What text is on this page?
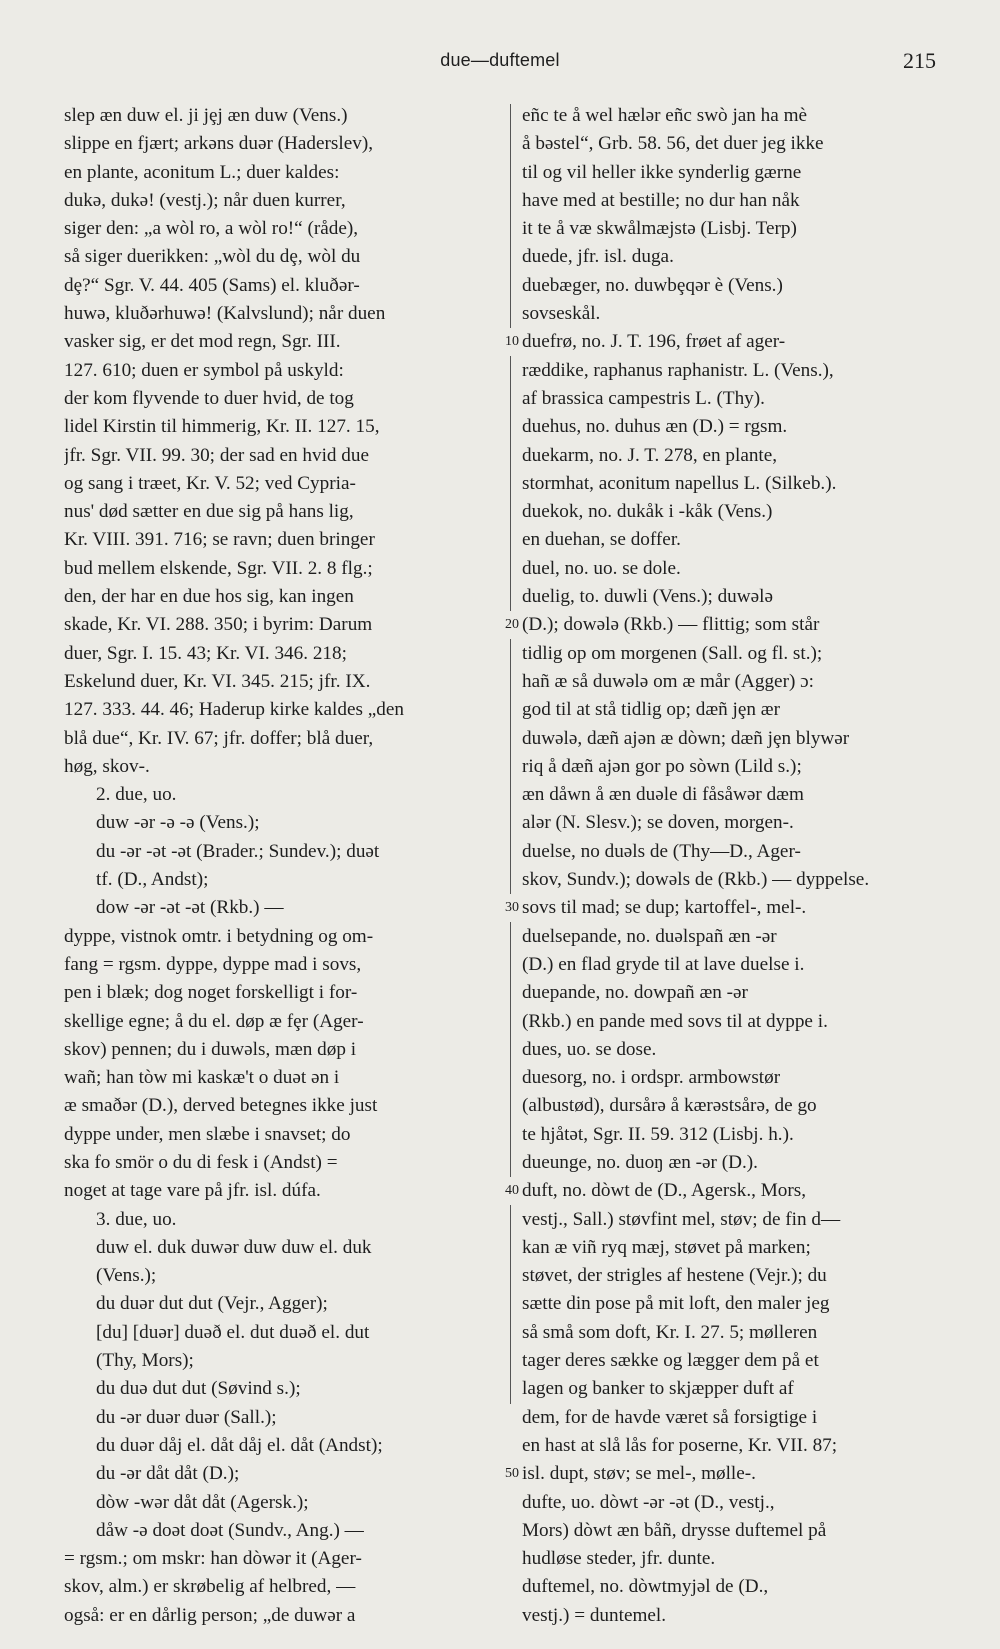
due—duftemel	215
slep æn duw el. ji jȩj æn duw (Vens.)
slippe en fjært; arkəns duər (Haderslev),
en plante, aconitum L.; duer kaldes:
dukə, dukə! (vestj.); når duen kurrer,
siger den: „a wòl ro, a wòl ro!“ (råde),
så siger duerikken: „wòl du dȩ, wòl du
dȩ?“ Sgr. V. 44. 405 (Sams) el. kluðər-
huwə, kluðərhuwə! (Kalvslund); når duen
vasker sig, er det mod regn, Sgr. III.
127. 610; duen er symbol på uskyld:
der kom flyvende to duer hvid, de tog
lidel Kirstin til himmerig, Kr. II. 127. 15,
jfr. Sgr. VII. 99. 30; der sad en hvid due
og sang i træet, Kr. V. 52; ved Cypria-
nus' død sætter en due sig på hans lig,
Kr. VIII. 391. 716; se ravn; duen bringer
bud mellem elskende, Sgr. VII. 2. 8 flg.;
den, der har en due hos sig, kan ingen
skade, Kr. VI. 288. 350; i byrim: Darum
duer, Sgr. I. 15. 43; Kr. VI. 346. 218;
Eskelund duer, Kr. VI. 345. 215; jfr. IX.
127. 333. 44. 46; Haderup kirke kaldes „den
blå due“, Kr. IV. 67; jfr. doffer; blå duer,
høg, skov-.
2. due, uo.
duw -ər -ə -ə (Vens.);
du -ər -ət -ət (Brader.; Sundev.); duət
tf. (D., Andst);
dow -ər -ət -ət (Rkb.) —
dyppe, vistnok omtr. i betydning og om-
fang = rgsm. dyppe, dyppe mad i sovs,
pen i blæk; dog noget forskelligt i for-
skellige egne; å du el. døp æ fȩr (Ager-
skov) pennen; du i duwəls, mæn døp i
wañ; han tòw mi kaskæ't o duət ən i
æ smaðər (D.), derved betegnes ikke just
dyppe under, men slæbe i snavset; do
ska fo smör o du di fesk i (Andst) =
noget at tage vare på jfr. isl. dúfa.
3. due, uo.
duw el. duk duwər duw duw el. duk
(Vens.);
du duər dut dut (Vejr., Agger);
[du] [duər] duəð el. dut duəð el. dut
(Thy, Mors);
du duə dut dut (Søvind s.);
du -ər duər duər (Sall.);
du duər dåj el. dåt dåj el. dåt (Andst);
du -ər dåt dåt (D.);
dòw -wər dåt dåt (Agersk.);
dåw -ə doət doət (Sundv., Ang.) —
= rgsm.; om mskr: han dòwər it (Ager-
skov, alm.) er skrøbelig af helbred, —
også: er en dårlig person; „de duwər a
10
20
30
40
50
eñc te å wel hælər eñc swò jan ha mè
å bəstel“, Grb. 58. 56, det duer jeg ikke
til og vil heller ikke synderlig gærne
have med at bestille; no dur han nåk
it te å væ skwålmæjstə (Lisbj. Terp)
duede, jfr. isl. duga.
duebæger, no. duwbȩqər è (Vens.)
sovseskål.
duefrø, no. J. T. 196, frøet af ager-
ræddike, raphanus raphanistr. L. (Vens.),
af brassica campestris L. (Thy).
duehus, no. duhus æn (D.) = rgsm.
duekarm, no. J. T. 278, en plante,
stormhat, aconitum napellus L. (Silkeb.).
duekok, no. dukåk i -kåk (Vens.)
en duehan, se doffer.
duel, no. uo. se dole.
duelig, to. duwli (Vens.); duwələ
(D.); dowələ (Rkb.) — flittig; som står
tidlig op om morgenen (Sall. og fl. st.);
hañ æ så duwələ om æ mår (Agger) ɔ:
god til at stå tidlig op; dæñ jȩn ær
duwələ, dæñ ajən æ dòwn; dæñ jȩn blywər
riq å dæñ ajən gor po sòwn (Lild s.);
æn dåwn å æn duəle di fåsåwər dæm
alər (N. Slesv.); se doven, morgen-.
duelse, no duəls de (Thy—D., Ager-
skov, Sundv.); dowəls de (Rkb.) — dyppelse.
sovs til mad; se dup; kartoffel-, mel-.
duelsepande, no. duəlspañ æn -ər
(D.) en flad gryde til at lave duelse i.
duepande, no. dowpañ æn -ər
(Rkb.) en pande med sovs til at dyppe i.
dues, uo. se dose.
duesorg, no. i ordspr. armbowstør
(albustød), dursårə å kærəstsårə, de go
te hjåtət, Sgr. II. 59. 312 (Lisbj. h.).
dueunge, no. duoŋ æn -ər (D.).
duft, no. dòwt de (D., Agersk., Mors,
vestj., Sall.) støvfint mel, støv; de fin d—
kan æ viñ ryq mæj, støvet på marken;
støvet, der strigles af hestene (Vejr.); du
sætte din pose på mit loft, den maler jeg
så små som doft, Kr. I. 27. 5; mølleren
tager deres sække og lægger dem på et
lagen og banker to skjæpper duft af
dem, for de havde været så forsigtige i
en hast at slå lås for poserne, Kr. VII. 87;
isl. dupt, støv; se mel-, mølle-.
dufte, uo. dòwt -ər -ət (D., vestj.,
Mors) dòwt æn båñ, drysse duftemel på
hudløse steder, jfr. dunte.
duftemel, no. dòwtmyjəl de (D.,
vestj.) = duntemel.
